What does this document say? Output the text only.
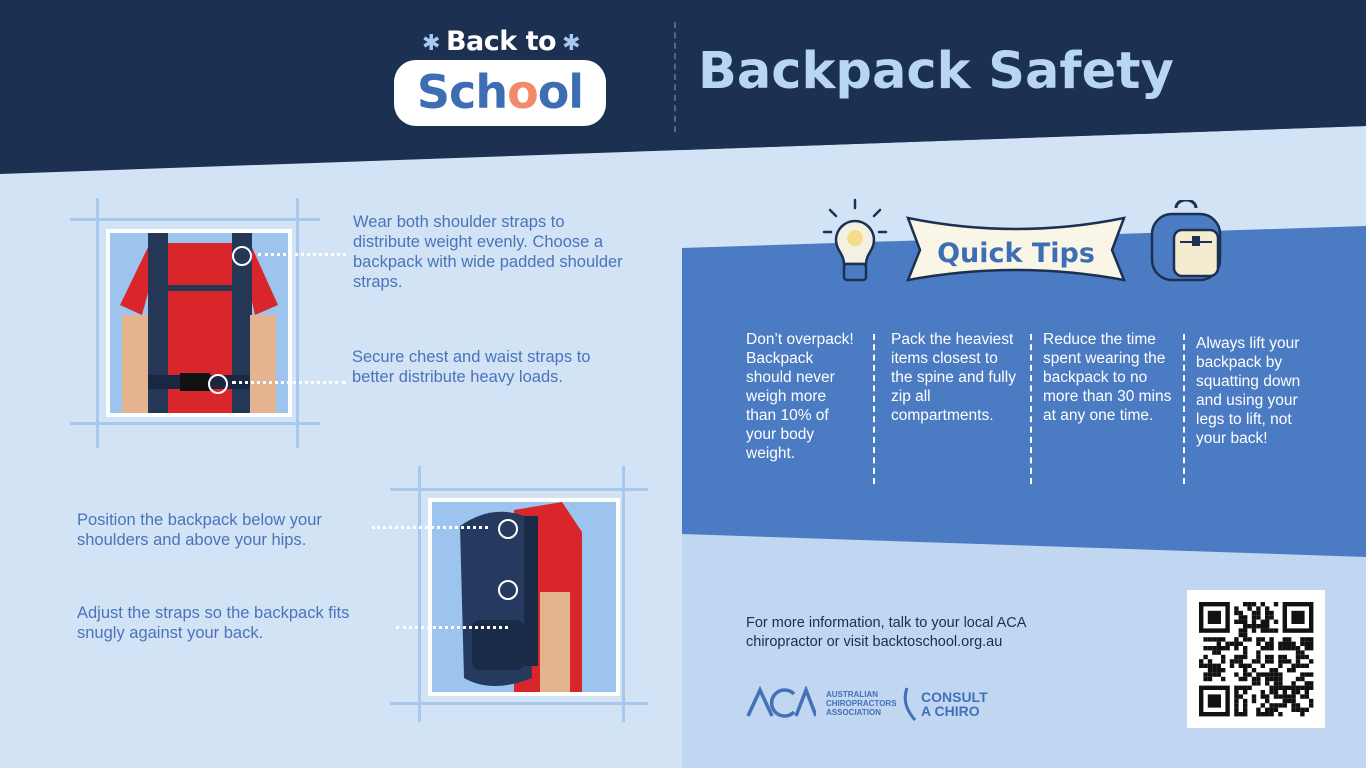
✱ Back to ✱
School	Backpack Safety
Wear both shoulder straps to distribute weight evenly. Choose a backpack with wide padded shoulder straps.
Secure chest and waist straps to better distribute heavy loads.
Position the backpack below your shoulders and above your hips.
Adjust the straps so the backpack fits snugly against your back.
Quick Tips
Don’t overpack! Backpack should never weigh more than 10% of your body weight.
Pack the heaviest items closest to the spine and fully zip all compartments.
Reduce the time spent wearing the backpack to no more than 30 mins at any one time.
Always lift your backpack by squatting down and using your legs to lift, not your back!
For more information, talk to your local ACA chiropractor or visit backtoschool.org.au
AUSTRALIAN CHIROPRACTORS ASSOCIATION
CONSULT
A CHIRO
